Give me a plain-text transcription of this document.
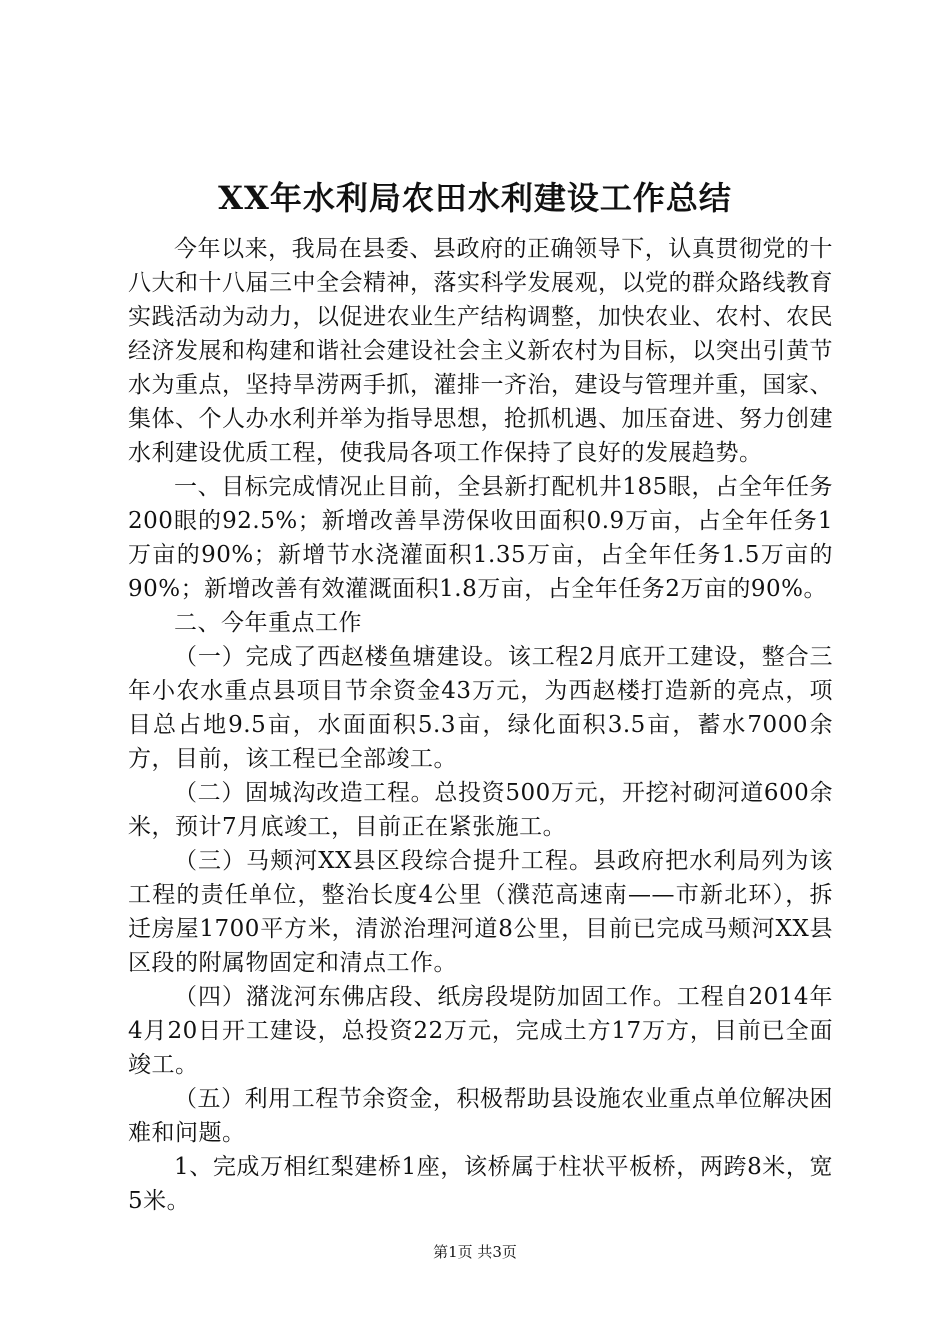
XX年水利局农田水利建设工作总结

今年以来，我局在县委、县政府的正确领导下，认真贯彻党的十八大和十八届三中全会精神，落实科学发展观，以党的群众路线教育实践活动为动力，以促进农业生产结构调整，加快农业、农村、农民经济发展和构建和谐社会建设社会主义新农村为目标，以突出引黄节水为重点，坚持旱涝两手抓，灌排一齐治，建设与管理并重，国家、集体、个人办水利并举为指导思想，抢抓机遇、加压奋进、努力创建水利建设优质工程，使我局各项工作保持了良好的发展趋势。

一、目标完成情况止目前，全县新打配机井185眼，占全年任务200眼的92.5%；新增改善旱涝保收田面积0.9万亩，占全年任务1万亩的90%；新增节水浇灌面积1.35万亩，占全年任务1.5万亩的90%；新增改善有效灌溉面积1.8万亩，占全年任务2万亩的90%。

二、今年重点工作

（一）完成了西赵楼鱼塘建设。该工程2月底开工建设，整合三年小农水重点县项目节余资金43万元，为西赵楼打造新的亮点，项目总占地9.5亩，水面面积5.3亩，绿化面积3.5亩，蓄水7000余方，目前，该工程已全部竣工。

（二）固城沟改造工程。总投资500万元，开挖衬砌河道600余米，预计7月底竣工，目前正在紧张施工。

（三）马颊河XX县区段综合提升工程。县政府把水利局列为该工程的责任单位，整治长度4公里（濮范高速南——市新北环），拆迁房屋1700平方米，清淤治理河道8公里，目前已完成马颊河XX县区段的附属物固定和清点工作。

（四）潴泷河东佛店段、纸房段堤防加固工作。工程自2014年4月20日开工建设，总投资22万元，完成土方17万方，目前已全面竣工。

（五）利用工程节余资金，积极帮助县设施农业重点单位解决困难和问题。

1、完成万相红梨建桥1座，该桥属于柱状平板桥，两跨8米，宽5米。

第1页 共3页
